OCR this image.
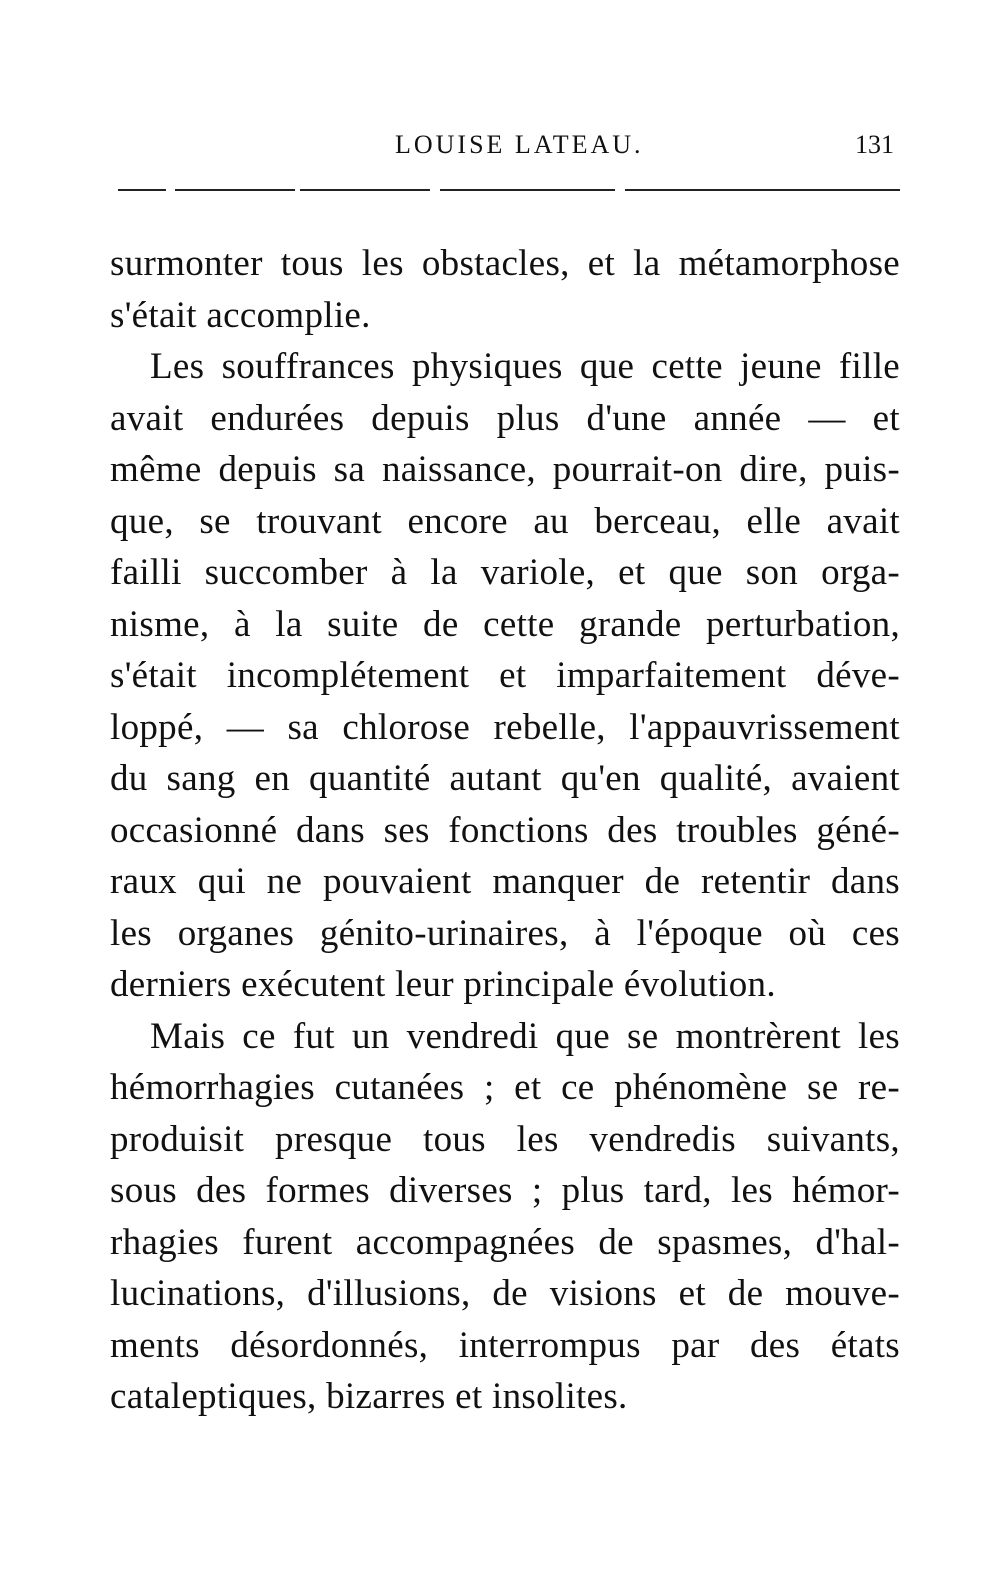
LOUISE LATEAU.	131
surmonter tous les obstacles, et la métamorphose
s'était accomplie.
Les souffrances physiques que cette jeune fille
avait endurées depuis plus d'une année — et
même depuis sa naissance, pourrait-on dire, puis-
que, se trouvant encore au berceau, elle avait
failli succomber à la variole, et que son orga-
nisme, à la suite de cette grande perturbation,
s'était incomplétement et imparfaitement déve-
loppé, — sa chlorose rebelle, l'appauvrissement
du sang en quantité autant qu'en qualité, avaient
occasionné dans ses fonctions des troubles géné-
raux qui ne pouvaient manquer de retentir dans
les organes génito-urinaires, à l'époque où ces
derniers exécutent leur principale évolution.
Mais ce fut un vendredi que se montrèrent les
hémorrhagies cutanées ; et ce phénomène se re-
produisit presque tous les vendredis suivants,
sous des formes diverses ; plus tard, les hémor-
rhagies furent accompagnées de spasmes, d'hal-
lucinations, d'illusions, de visions et de mouve-
ments désordonnés, interrompus par des états
cataleptiques, bizarres et insolites.
